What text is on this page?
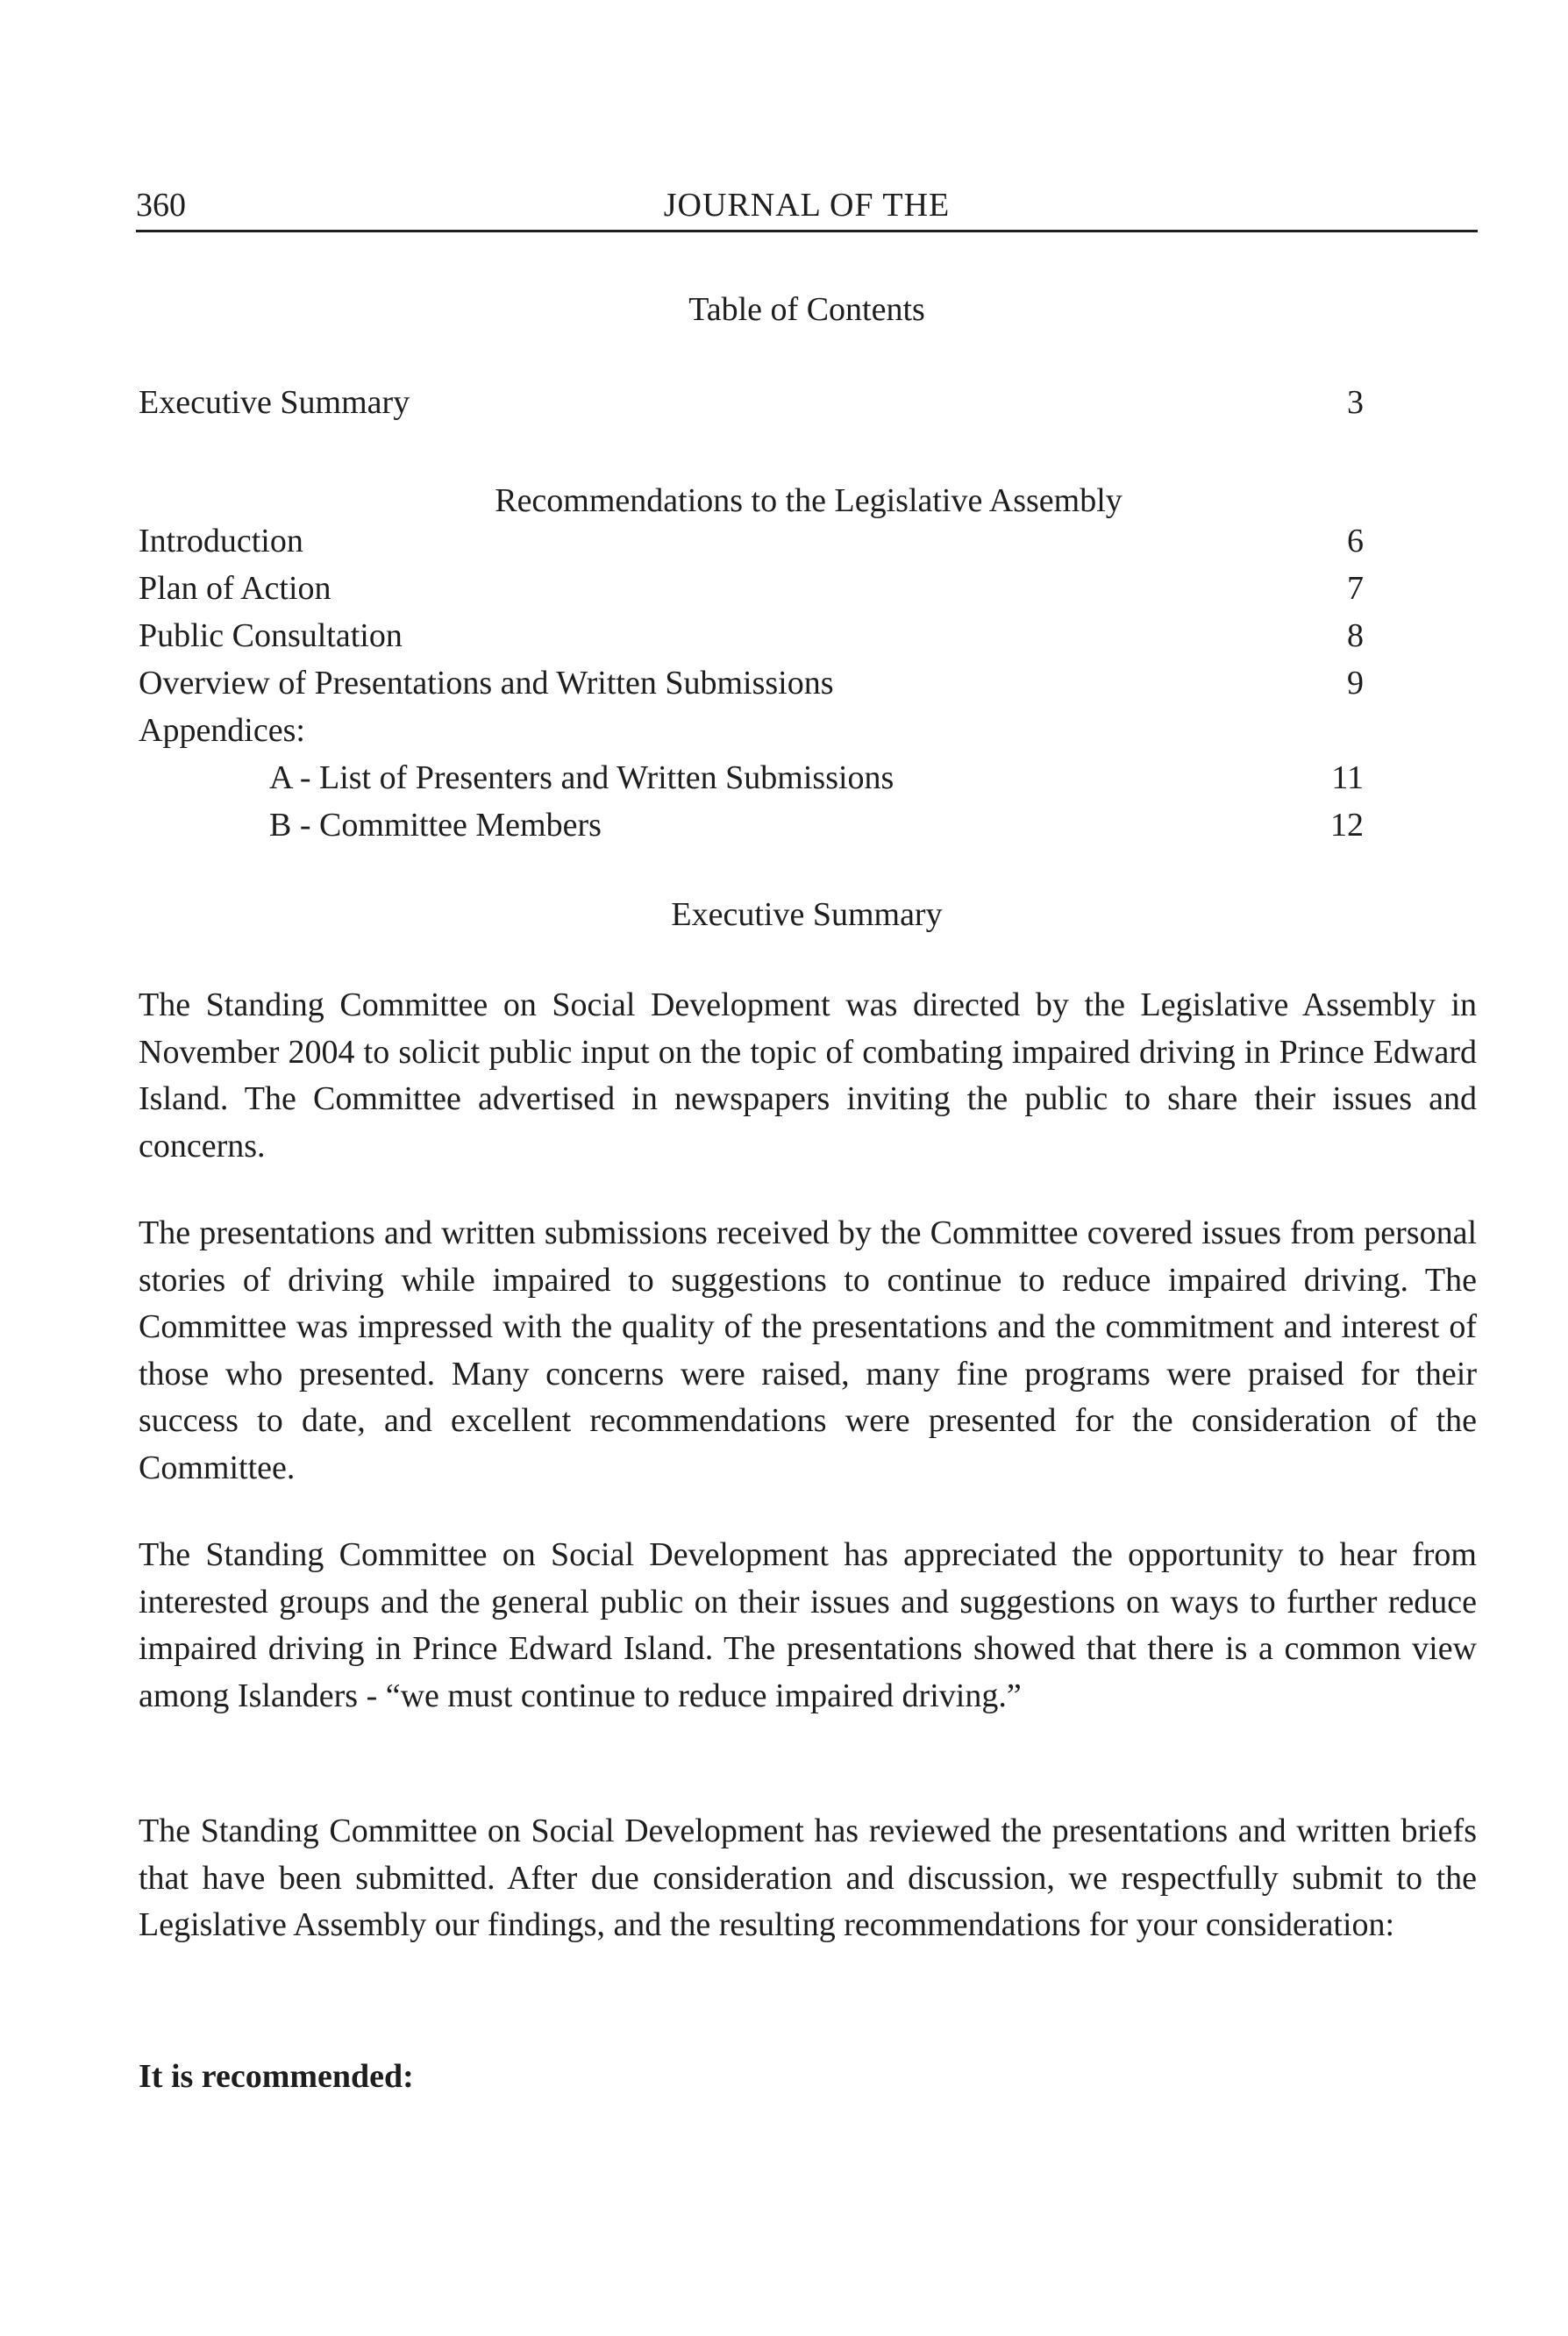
360	JOURNAL OF THE
Table of Contents
Executive Summary	3
Recommendations to the Legislative Assembly
Introduction	6
Plan of Action	7
Public Consultation	8
Overview of Presentations and Written Submissions	9
Appendices:
A - List of Presenters and Written Submissions	11
B - Committee Members	12
Executive Summary

The Standing Committee on Social Development was directed by the Legislative Assembly in November 2004 to solicit public input on the topic of combating impaired driving in Prince Edward Island. The Committee advertised in newspapers inviting the public to share their issues and concerns.

The presentations and written submissions received by the Committee covered issues from personal stories of driving while impaired to suggestions to continue to reduce impaired driving. The Committee was impressed with the quality of the presentations and the commitment and interest of those who presented. Many concerns were raised, many fine programs were praised for their success to date, and excellent recommendations were presented for the consideration of the Committee.

The Standing Committee on Social Development has appreciated the opportunity to hear from interested groups and the general public on their issues and suggestions on ways to further reduce impaired driving in Prince Edward Island. The presentations showed that there is a common view among Islanders - “we must continue to reduce impaired driving.”

The Standing Committee on Social Development has reviewed the presentations and written briefs that have been submitted. After due consideration and discussion, we respectfully submit to the Legislative Assembly our findings, and the resulting recommendations for your consideration:

It is recommended:
